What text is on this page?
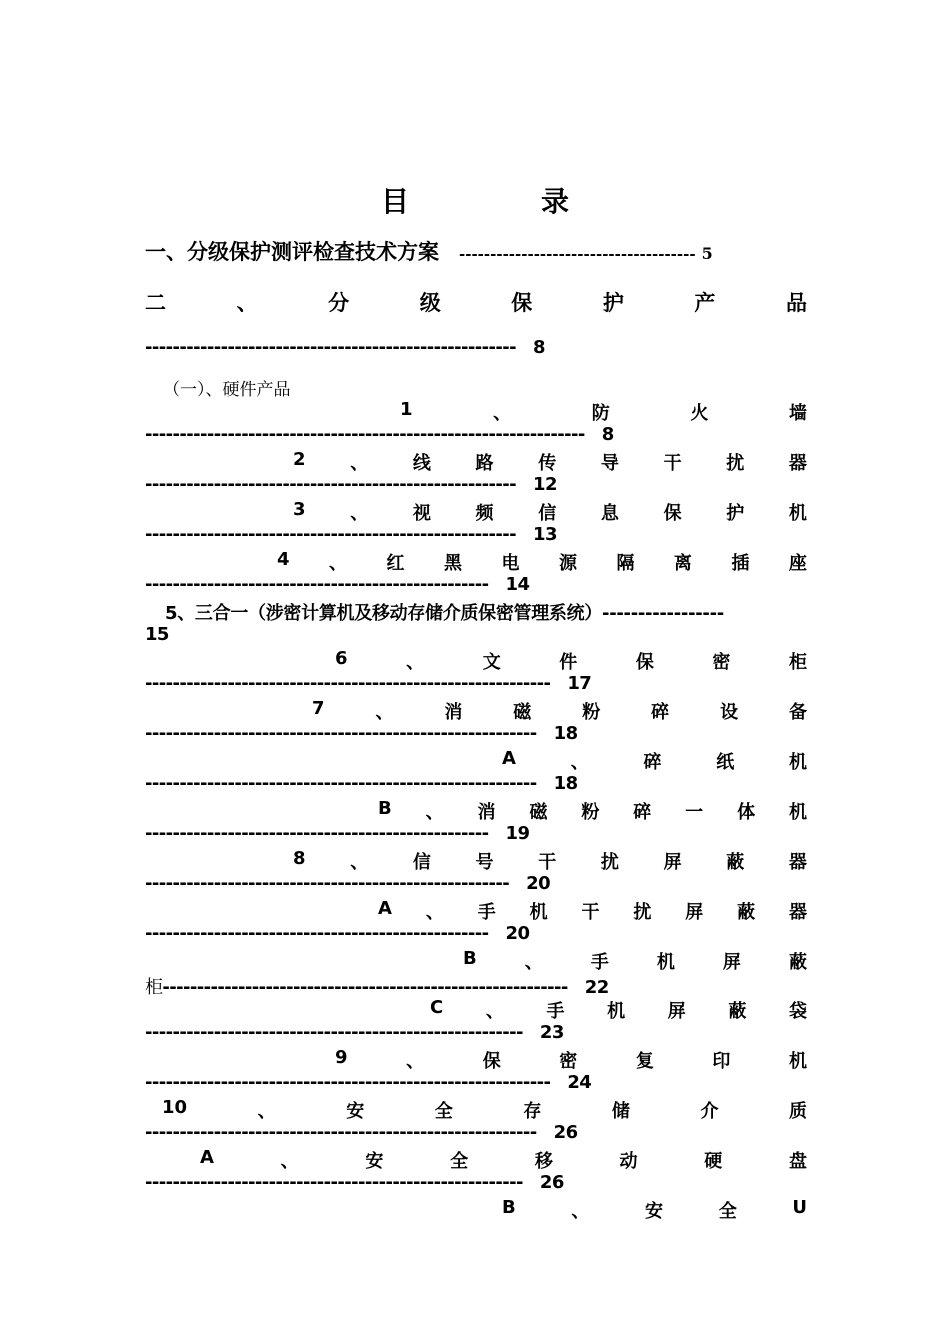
目　录
一、分级保护测评检查技术方案 -------------------------------------- 5
二	、	分	级	保	护	产	品
------------------------------------------------------ 8
（一）、硬件产品
1	、	防	火	墙
---------------------------------------------------------------- 8
2 、 线 路 传 导 干 扰 器
------------------------------------------------------ 12
3 、 视 频 信 息 保 护 机
------------------------------------------------------ 13
4 、 红 黑 电 源 隔 离 插 座
-------------------------------------------------- 14
5、三合一（涉密计算机及移动存储介质保密管理系统）-----------------
15
6	、	文	件	保	密	柜
----------------------------------------------------------- 17
7	、	消	磁	粉	碎	设	备
--------------------------------------------------------- 18
A	、	碎	纸	机
--------------------------------------------------------- 18
B 、 消 磁 粉 碎 一 体 机
-------------------------------------------------- 19
8 、 信 号 干 扰 屏 蔽 器
----------------------------------------------------- 20
A 、 手 机 干 扰 屏 蔽 器
-------------------------------------------------- 20
B	、	手	机	屏	蔽
柜----------------------------------------------------------- 22
C 、 手 机 屏 蔽 袋
------------------------------------------------------- 23
9	、	保	密	复	印	机
----------------------------------------------------------- 24
10	、	安	全	存	储	介	质
--------------------------------------------------------- 26
A	、	安	全	移	动	硬	盘
------------------------------------------------------- 26
B	、	安	全	U
